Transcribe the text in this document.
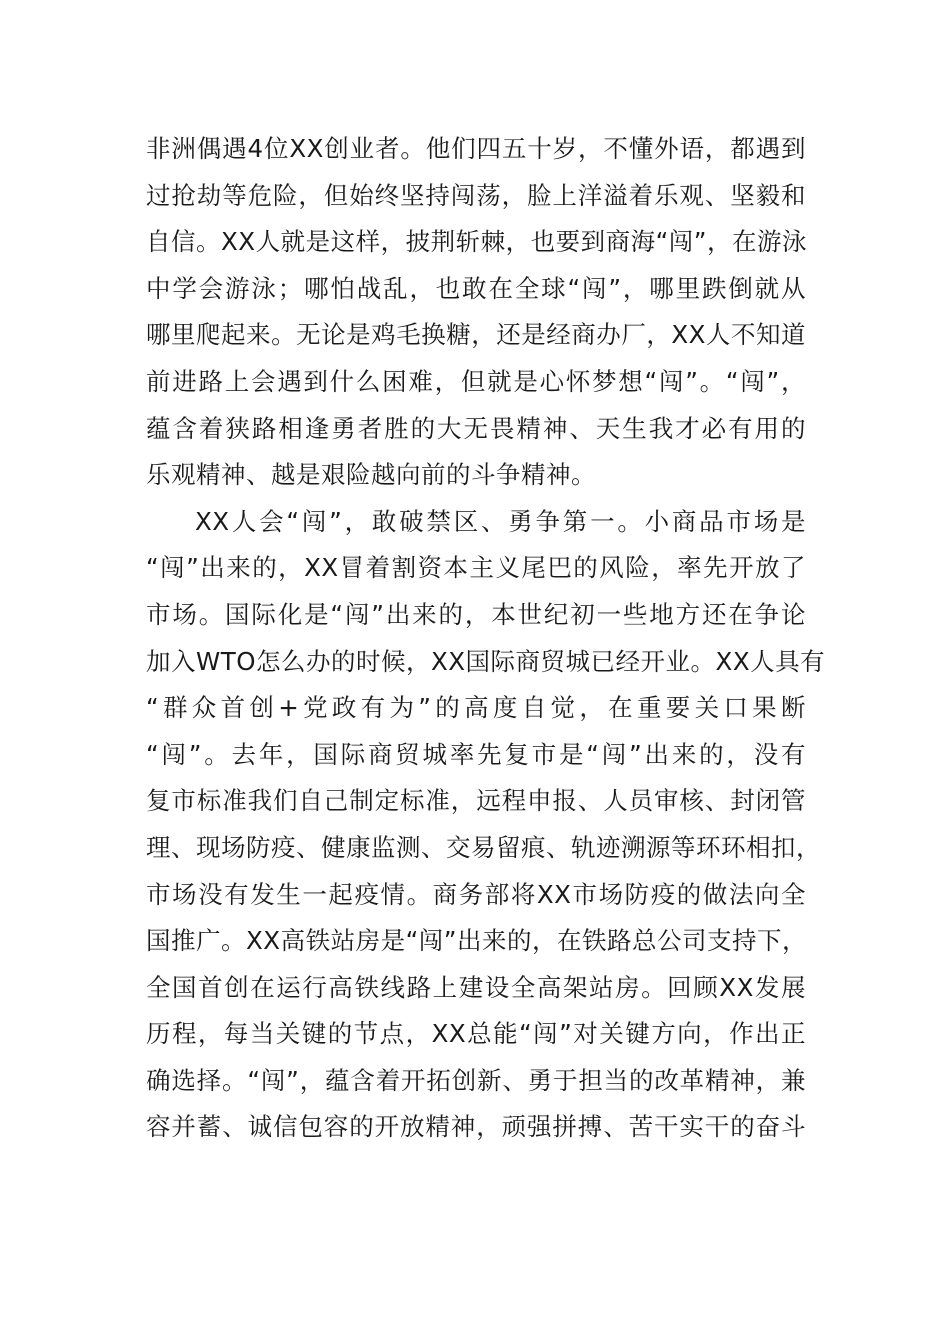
非洲偶遇4位XX创业者。他们四五十岁，不懂外语，都遇到
过抢劫等危险，但始终坚持闯荡，脸上洋溢着乐观、坚毅和
自信。XX人就是这样，披荆斩棘，也要到商海“闯”，在游泳
中学会游泳；哪怕战乱，也敢在全球“闯”，哪里跌倒就从
哪里爬起来。无论是鸡毛换糖，还是经商办厂，XX人不知道
前进路上会遇到什么困难，但就是心怀梦想“闯”。“闯”，
蕴含着狭路相逢勇者胜的大无畏精神、天生我才必有用的
乐观精神、越是艰险越向前的斗争精神。
XX人会“闯”，敢破禁区、勇争第一。小商品市场是
“闯”出来的，XX冒着割资本主义尾巴的风险，率先开放了
市场。国际化是“闯”出来的，本世纪初一些地方还在争论
加入WTO怎么办的时候，XX国际商贸城已经开业。XX人具有
“群众首创+党政有为”的高度自觉，在重要关口果断
“闯”。去年，国际商贸城率先复市是“闯”出来的，没有
复市标准我们自己制定标准，远程申报、人员审核、封闭管
理、现场防疫、健康监测、交易留痕、轨迹溯源等环环相扣，
市场没有发生一起疫情。商务部将XX市场防疫的做法向全
国推广。XX高铁站房是“闯”出来的，在铁路总公司支持下，
全国首创在运行高铁线路上建设全高架站房。回顾XX发展
历程，每当关键的节点，XX总能“闯”对关键方向，作出正
确选择。“闯”，蕴含着开拓创新、勇于担当的改革精神，兼
容并蓄、诚信包容的开放精神，顽强拼搏、苦干实干的奋斗
